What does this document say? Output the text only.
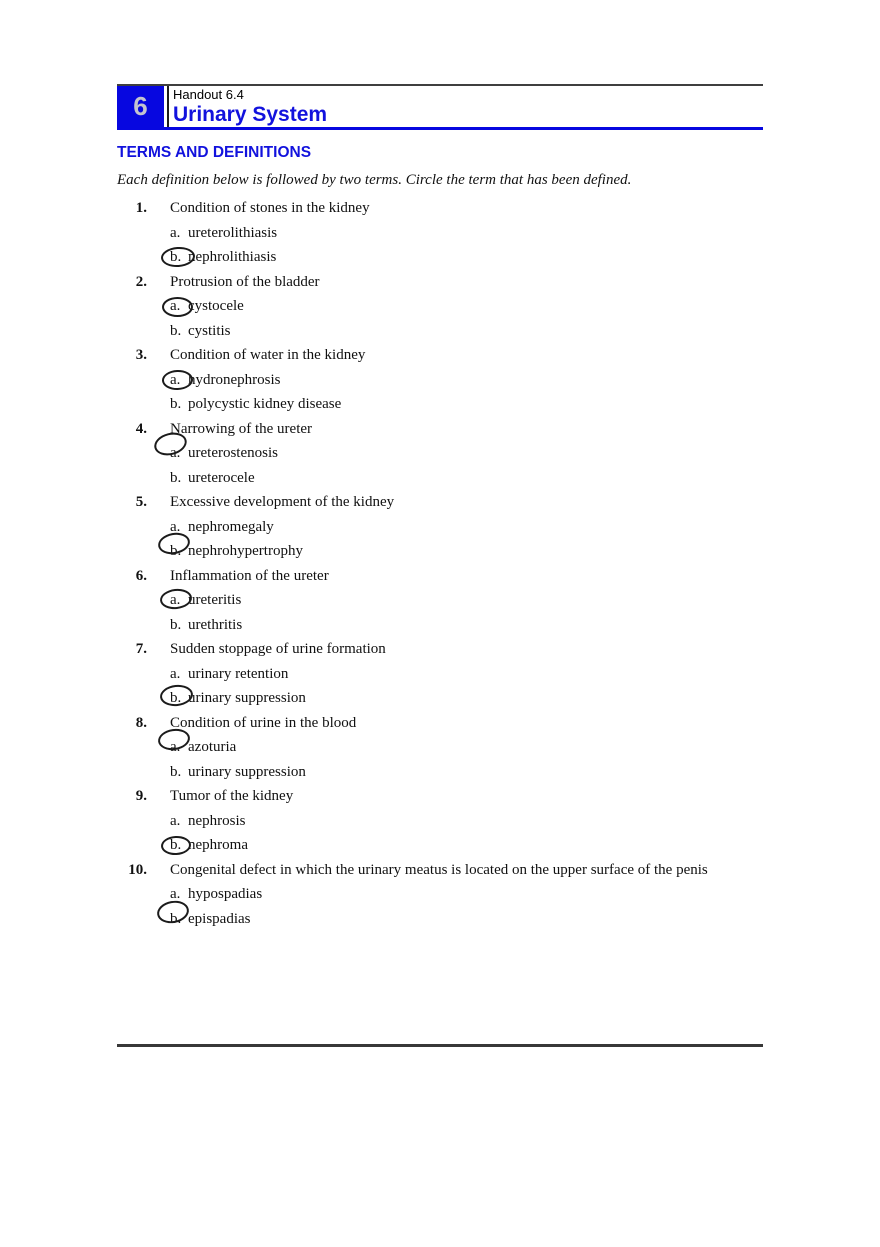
6 Handout 6.4
Urinary System
TERMS AND DEFINITIONS
Each definition below is followed by two terms. Circle the term that has been defined.
1. Condition of stones in the kidney
a. ureterolithiasis
b. nephrolithiasis
2. Protrusion of the bladder
a. cystocele
b. cystitis
3. Condition of water in the kidney
a. hydronephrosis
b. polycystic kidney disease
4. Narrowing of the ureter
a. ureterostenosis
b. ureterocele
5. Excessive development of the kidney
a. nephromegaly
b. nephrohypertrophy
6. Inflammation of the ureter
a. ureteritis
b. urethritis
7. Sudden stoppage of urine formation
a. urinary retention
b. urinary suppression
8. Condition of urine in the blood
a. azoturia
b. urinary suppression
9. Tumor of the kidney
a. nephrosis
b. nephroma
10. Congenital defect in which the urinary meatus is located on the upper surface of the penis
a. hypospadias
b. epispadias
